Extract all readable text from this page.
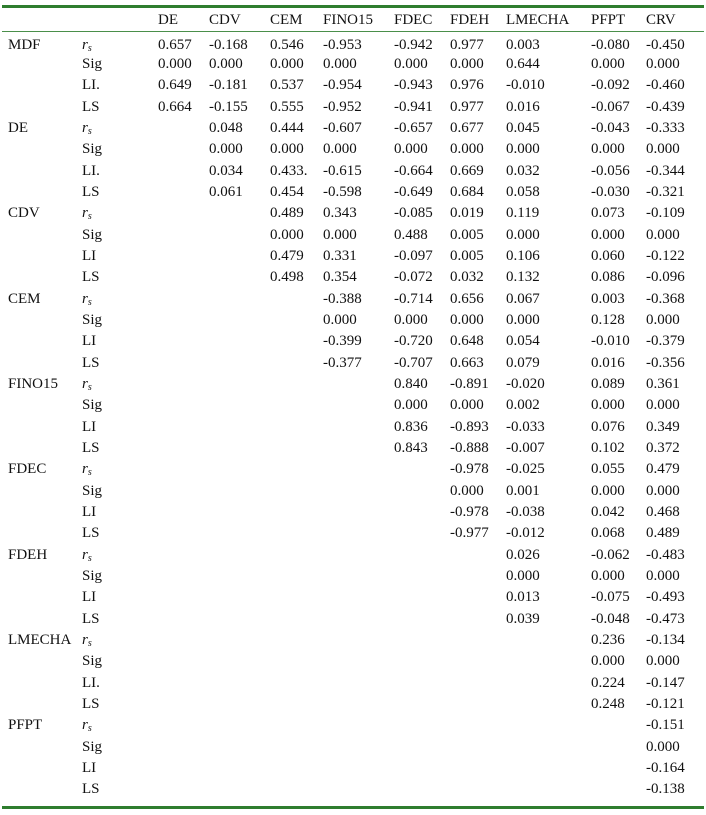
		DE	CDV	CEM	FINO15	FDEC	FDEH	LMECHA	PFPT	CRV
MDF	$r_s$	0.657	-0.168	0.546	-0.953	-0.942	0.977	0.003	-0.080	-0.450
	Sig	0.000	0.000	0.000	0.000	0.000	0.000	0.644	0.000	0.000
	LI.	0.649	-0.181	0.537	-0.954	-0.943	0.976	-0.010	-0.092	-0.460
	LS	0.664	-0.155	0.555	-0.952	-0.941	0.977	0.016	-0.067	-0.439
DE	$r_s$		0.048	0.444	-0.607	-0.657	0.677	0.045	-0.043	-0.333
	Sig		0.000	0.000	0.000	0.000	0.000	0.000	0.000	0.000
	LI.		0.034	0.433.	-0.615	-0.664	0.669	0.032	-0.056	-0.344
	LS		0.061	0.454	-0.598	-0.649	0.684	0.058	-0.030	-0.321
CDV	$r_s$			0.489	0.343	-0.085	0.019	0.119	0.073	-0.109
	Sig			0.000	0.000	0.488	0.005	0.000	0.000	0.000
	LI			0.479	0.331	-0.097	0.005	0.106	0.060	-0.122
	LS			0.498	0.354	-0.072	0.032	0.132	0.086	-0.096
CEM	$r_s$				-0.388	-0.714	0.656	0.067	0.003	-0.368
	Sig				0.000	0.000	0.000	0.000	0.128	0.000
	LI				-0.399	-0.720	0.648	0.054	-0.010	-0.379
	LS				-0.377	-0.707	0.663	0.079	0.016	-0.356
FINO15	$r_s$					0.840	-0.891	-0.020	0.089	0.361
	Sig					0.000	0.000	0.002	0.000	0.000
	LI					0.836	-0.893	-0.033	0.076	0.349
	LS					0.843	-0.888	-0.007	0.102	0.372
FDEC	$r_s$						-0.978	-0.025	0.055	0.479
	Sig						0.000	0.001	0.000	0.000
	LI						-0.978	-0.038	0.042	0.468
	LS						-0.977	-0.012	0.068	0.489
FDEH	$r_s$							0.026	-0.062	-0.483
	Sig							0.000	0.000	0.000
	LI							0.013	-0.075	-0.493
	LS							0.039	-0.048	-0.473
LMECHA	$r_s$								0.236	-0.134
	Sig								0.000	0.000
	LI.								0.224	-0.147
	LS								0.248	-0.121
PFPT	$r_s$									-0.151
	Sig									0.000
	LI									-0.164
	LS									-0.138
